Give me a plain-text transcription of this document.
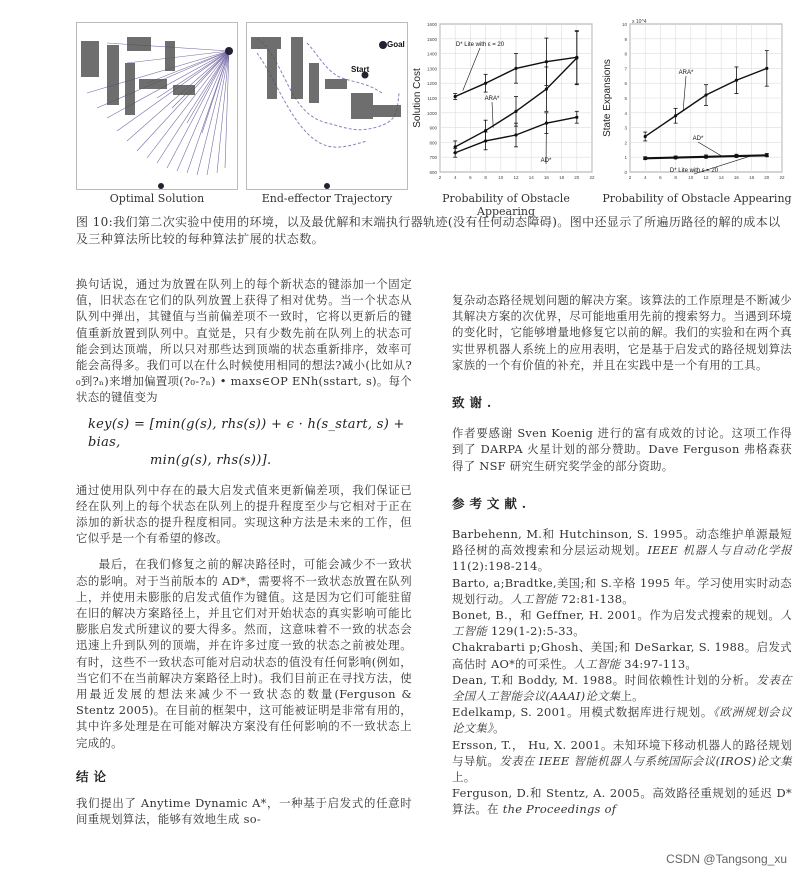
Goal
Start
600
700
800
900
1000
1100
1200
1300
1400
1500
1600
2	4	6	8	10 12 14 16 18 20 22
Solution Cost
D* Lite with ε = 20
ARA*
AD*
0
1
2
3
4
5
6
7
8
9
10
2	4	6	8	10 12 14 16 18 20 22
State Expansions
x 10^4
ARA*
AD*
D* Lite with ε = 20
Optimal Solution	End-effector Trajectory	Probability of Obstacle Appearing
Probability of Obstacle Appearing
图 10:我们第二次实验中使用的环境，以及最优解和末端执行器轨迹(没有任何动态障碍)。图中还显示了所遍历路径的解的成本以及三种算法所比较的每种算法扩展的状态数。

换句话说，通过为放置在队列上的每个新状态的键添加一个固定值，旧状态在它们的队列放置上获得了相对优势。当一个状态从队列中弹出，其键值与当前偏差项不一致时，它将以更新后的键值重新放置到队列中。直觉是，只有少数先前在队列上的状态可能会到达顶端，所以只对那些达到顶端的状态重新排序，效率可能会高得多。我们可以在什么时候使用相同的想法?减小(比如从?₀到?ₙ)来增加偏置项(?₀-?ₙ) • maxs∈OP ENh(sstart, s)。每个状态的键值变为

key(s) = [min(g(s), rhs(s)) + ϵ · h(s_start, s) + bias,
min(g(s), rhs(s))].

通过使用队列中存在的最大启发式值来更新偏差项，我们保证已经在队列上的每个状态在队列上的提升程度至少与它相对于正在添加的新状态的提升程度相同。实现这种方法是未来的工作，但它似乎是一个有希望的修改。

最后，在我们修复之前的解决路径时，可能会减少不一致状态的影响。对于当前版本的 AD*，需要将不一致状态放置在队列上，并使用未膨胀的启发式值作为键值。这是因为它们可能驻留在旧的解决方案路径上，并且它们对开始状态的真实影响可能比膨胀启发式所建议的要大得多。然而，这意味着不一致的状态会迅速上升到队列的顶端，并在许多过度一致的状态之前被处理。有时，这些不一致状态可能对启动状态的值没有任何影响(例如，当它们不在当前解决方案路径上时)。我们目前正在寻找方法，使用最近发展的想法来减少不一致状态的数量(Ferguson & Stentz 2005)。在目前的框架中，这可能被证明是非常有用的，其中许多处理是在可能对解决方案没有任何影响的不一致状态上完成的。

结 论

我们提出了 Anytime Dynamic A*，一种基于启发式的任意时间重规划算法，能够有效地生成 so-

复杂动态路径规划问题的解决方案。该算法的工作原理是不断减少其解决方案的次优界，尽可能地重用先前的搜索努力。当遇到环境的变化时，它能够增量地修复它以前的解。我们的实验和在两个真实世界机器人系统上的应用表明，它是基于启发式的路径规划算法家族的一个有价值的补充，并且在实践中是一个有用的工具。

致 谢 .

作者要感谢 Sven Koenig 进行的富有成效的讨论。这项工作得到了 DARPA 火星计划的部分赞助。Dave Ferguson 弗格森获得了 NSF 研究生研究奖学金的部分资助。

参 考 文 献 .

Barbehenn, M.和 Hutchinson, S. 1995。动态维护单源最短路径树的高效搜索和分层运动规划。IEEE 机器人与自动化学报11(2):198-214。

Barto, a;Bradtke,美国;和 S.辛格 1995 年。学习使用实时动态规划行动。人工智能 72:81-138。

Bonet, B.，和 Geffner, H. 2001。作为启发式搜索的规划。人工智能 129(1-2):5-33。

Chakrabarti p;Ghosh、美国;和 DeSarkar, S. 1988。启发式高估时 AO*的可采性。人工智能 34:97-113。

Dean, T.和 Boddy, M. 1988。时间依赖性计划的分析。发表在全国人工智能会议(AAAI)论文集上。

Edelkamp, S. 2001。用模式数据库进行规划。《欧洲规划会议论文集》。

Ersson, T.， Hu, X. 2001。未知环境下移动机器人的路径规划与导航。发表在 IEEE 智能机器人与系统国际会议(IROS)论文集上。

Ferguson, D.和 Stentz, A. 2005。高效路径重规划的延迟 D*算法。在 the Proceedings of

CSDN @Tangsong_xu
